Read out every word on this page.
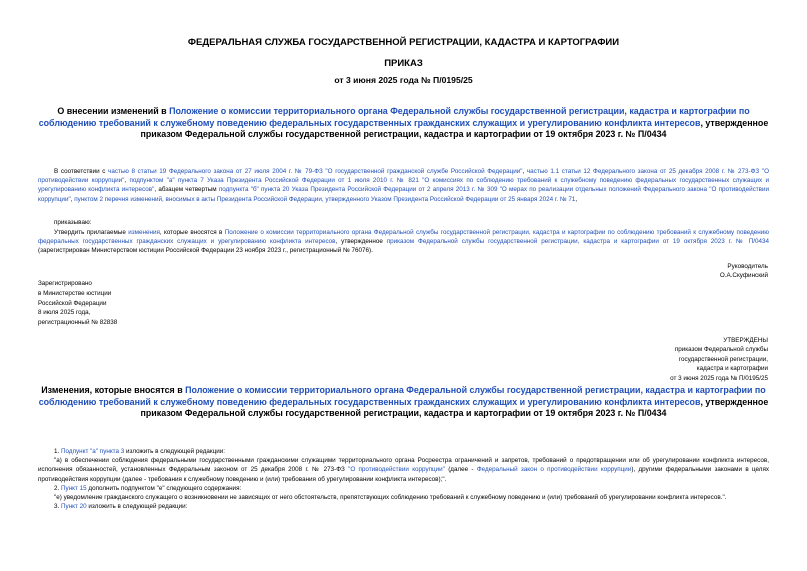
ФЕДЕРАЛЬНАЯ СЛУЖБА ГОСУДАРСТВЕННОЙ РЕГИСТРАЦИИ, КАДАСТРА И КАРТОГРАФИИ
ПРИКАЗ
от 3 июня 2025 года № П/0195/25
О внесении изменений в Положение о комиссии территориального органа Федеральной службы государственной регистрации, кадастра и картографии по соблюдению требований к служебному поведению федеральных государственных гражданских служащих и урегулированию конфликта интересов, утвержденное приказом Федеральной службы государственной регистрации, кадастра и картографии от 19 октября 2023 г. № П/0434
В соответствии с частью 8 статьи 19 Федерального закона от 27 июля 2004 г. № 79-ФЗ "О государственной гражданской службе Российской Федерации", частью 1.1 статьи 12 Федерального закона от 25 декабря 2008 г. № 273-ФЗ "О противодействии коррупции", подпунктом "а" пункта 7 Указа Президента Российской Федерации от 1 июля 2010 г. № 821 "О комиссиях по соблюдению требований к служебному поведению федеральных государственных служащих и урегулированию конфликта интересов", абзацем четвертым подпункта "б" пункта 20 Указа Президента Российской Федерации от 2 апреля 2013 г. № 309 "О мерах по реализации отдельных положений Федерального закона "О противодействии коррупции", пунктом 2 перечня изменений, вносимых в акты Президента Российской Федерации, утвержденного Указом Президента Российской Федерации от 25 января 2024 г. № 71,
приказываю:
Утвердить прилагаемые изменения, которые вносятся в Положение о комиссии территориального органа Федеральной службы государственной регистрации, кадастра и картографии по соблюдению требований к служебному поведению федеральных государственных гражданских служащих и урегулированию конфликта интересов, утвержденное приказом Федеральной службы государственной регистрации, кадастра и картографии от 19 октября 2023 г. № П/0434 (зарегистрирован Министерством юстиции Российской Федерации 23 ноября 2023 г., регистрационный № 76076).
Руководитель
О.А.Скуфинский
Зарегистрировано
в Министерстве юстиции
Российской Федерации
8 июля 2025 года,
регистрационный № 82838
УТВЕРЖДЕНЫ
приказом Федеральной службы
государственной регистрации,
кадастра и картографии
от 3 июня 2025 года № П/0195/25
Изменения, которые вносятся в Положение о комиссии территориального органа Федеральной службы государственной регистрации, кадастра и картографии по соблюдению требований к служебному поведению федеральных государственных гражданских служащих и урегулированию конфликта интересов, утвержденное приказом Федеральной службы государственной регистрации, кадастра и картографии от 19 октября 2023 г. № П/0434

1. Подпункт "а" пункта 3 изложить в следующей редакции:

"а) в обеспечении соблюдения федеральными государственными гражданскими служащими территориального органа Росреестра ограничений и запретов, требований о предотвращении или об урегулировании конфликта интересов, исполнения обязанностей, установленных Федеральным законом от 25 декабря 2008 г. № 273-ФЗ "О противодействии коррупции" (далее - Федеральный закон о противодействии коррупции), другими федеральными законами в целях противодействия коррупции (далее - требования к служебному поведению и (или) требования об урегулировании конфликта интересов);".

2. Пункт 15 дополнить подпунктом "е" следующего содержания:

"е) уведомление гражданского служащего о возникновении не зависящих от него обстоятельств, препятствующих соблюдению требований к служебному поведению и (или) требований об урегулировании конфликта интересов.".

3. Пункт 20 изложить в следующей редакции:
